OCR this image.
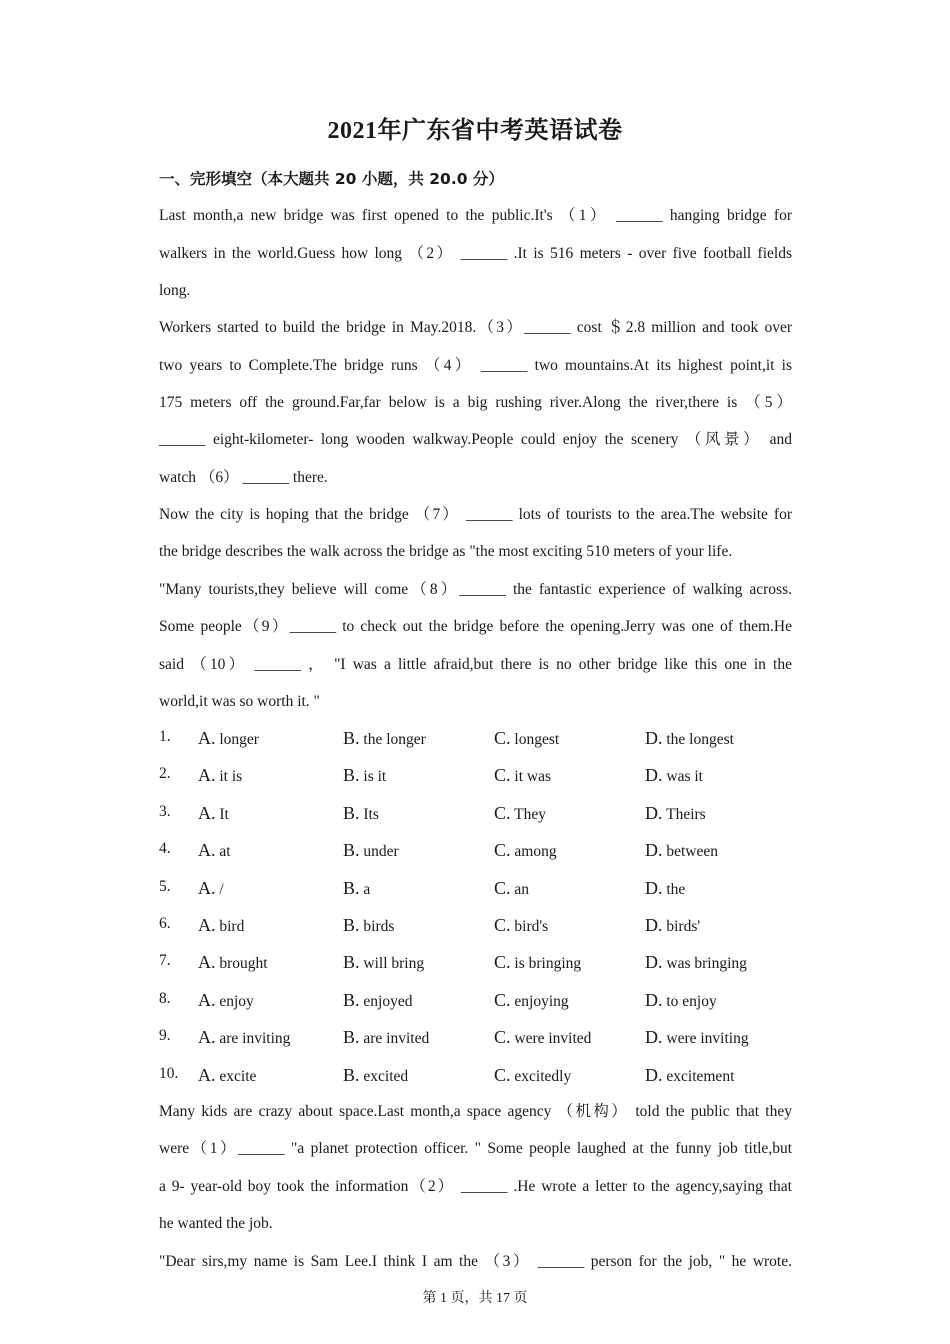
2021年广东省中考英语试卷
一、完形填空（本大题共 20 小题，共 20.0 分）
Last month,a new bridge was first opened to the public.It's （1） ______ hanging bridge for
walkers in the world.Guess how long （2） ______ .It is 516 meters - over five football fields
long.
Workers started to build the bridge in May.2018.（3）______ cost ＄2.8 million and took over
two years to Complete.The bridge runs （4） ______ two mountains.At its highest point,it is
175 meters off the ground.Far,far below is a big rushing river.Along the river,there is （5）
______ eight-kilometer- long wooden walkway.People could enjoy the scenery （风景） and
watch （6） ______ there.
Now the city is hoping that the bridge （7） ______ lots of tourists to the area.The website for
the bridge describes the walk across the bridge as "the most exciting 510 meters of your life.
"Many tourists,they believe will come（8）______ the fantastic experience of walking across.
Some people（9）______ to check out the bridge before the opening.Jerry was one of them.He
said （10） ______ ， "I was a little afraid,but there is no other bridge like this one in the
world,it was so worth it. "
1. A. longer	B. the longer	C. longest	D. the longest
2. A. it is	B. is it	C. it was	D. was it
3. A. It	B. Its	C. They	D. Theirs
4. A. at	B. under	C. among	D. between
5. A. /	B. a	C. an	D. the
6. A. bird	B. birds	C. bird's	D. birds'
7. A. brought	B. will bring	C. is bringing	D. was bringing
8. A. enjoy	B. enjoyed	C. enjoying	D. to enjoy
9. A. are inviting	B. are invited	C. were invited	D. were inviting
10. A. excite	B. excited	C. excitedly	D. excitement
Many kids are crazy about space.Last month,a space agency （机构） told the public that they
were（1）______ "a planet protection officer. " Some people laughed at the funny job title,but
a 9- year-old boy took the information（2） ______ .He wrote a letter to the agency,saying that
he wanted the job.
"Dear sirs,my name is Sam Lee.I think I am the （3） ______ person for the job, " he wrote.
第 1 页，共 17 页
